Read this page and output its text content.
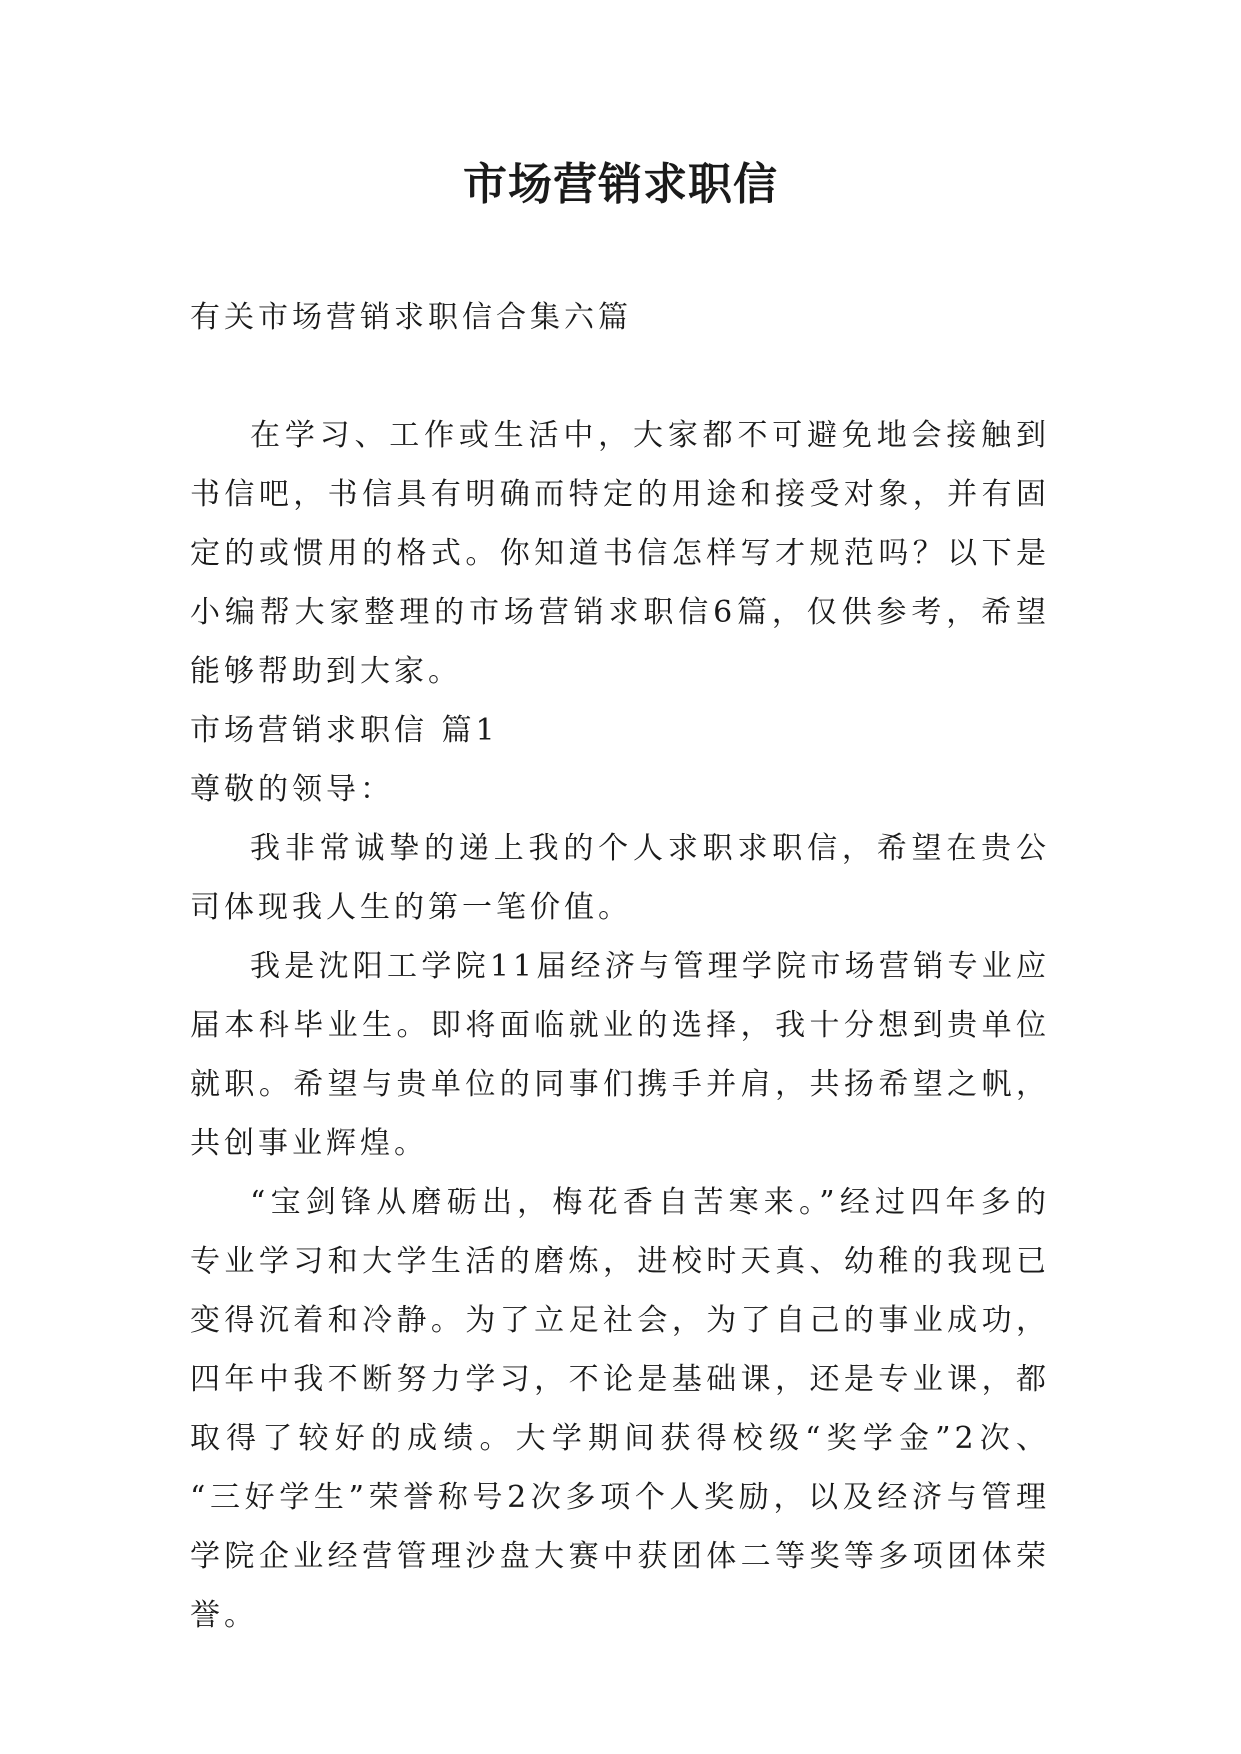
市场营销求职信

有关市场营销求职信合集六篇

在学习、工作或生活中，大家都不可避免地会接触到书信吧，书信具有明确而特定的用途和接受对象，并有固定的或惯用的格式。你知道书信怎样写才规范吗？以下是小编帮大家整理的市场营销求职信6篇，仅供参考，希望能够帮助到大家。

市场营销求职信 篇1

尊敬的领导：

我非常诚挚的递上我的个人求职求职信，希望在贵公司体现我人生的第一笔价值。

我是沈阳工学院11届经济与管理学院市场营销专业应届本科毕业生。即将面临就业的选择，我十分想到贵单位就职。希望与贵单位的同事们携手并肩，共扬希望之帆，共创事业辉煌。

“宝剑锋从磨砺出，梅花香自苦寒来。”经过四年多的专业学习和大学生活的磨炼，进校时天真、幼稚的我现已变得沉着和冷静。为了立足社会，为了自己的事业成功，四年中我不断努力学习，不论是基础课，还是专业课，都取得了较好的成绩。大学期间获得校级“奖学金”2次、 “三好学生”荣誉称号2次多项个人奖励，以及经济与管理学院企业经营管理沙盘大赛中获团体二等奖等多项团体荣誉。
